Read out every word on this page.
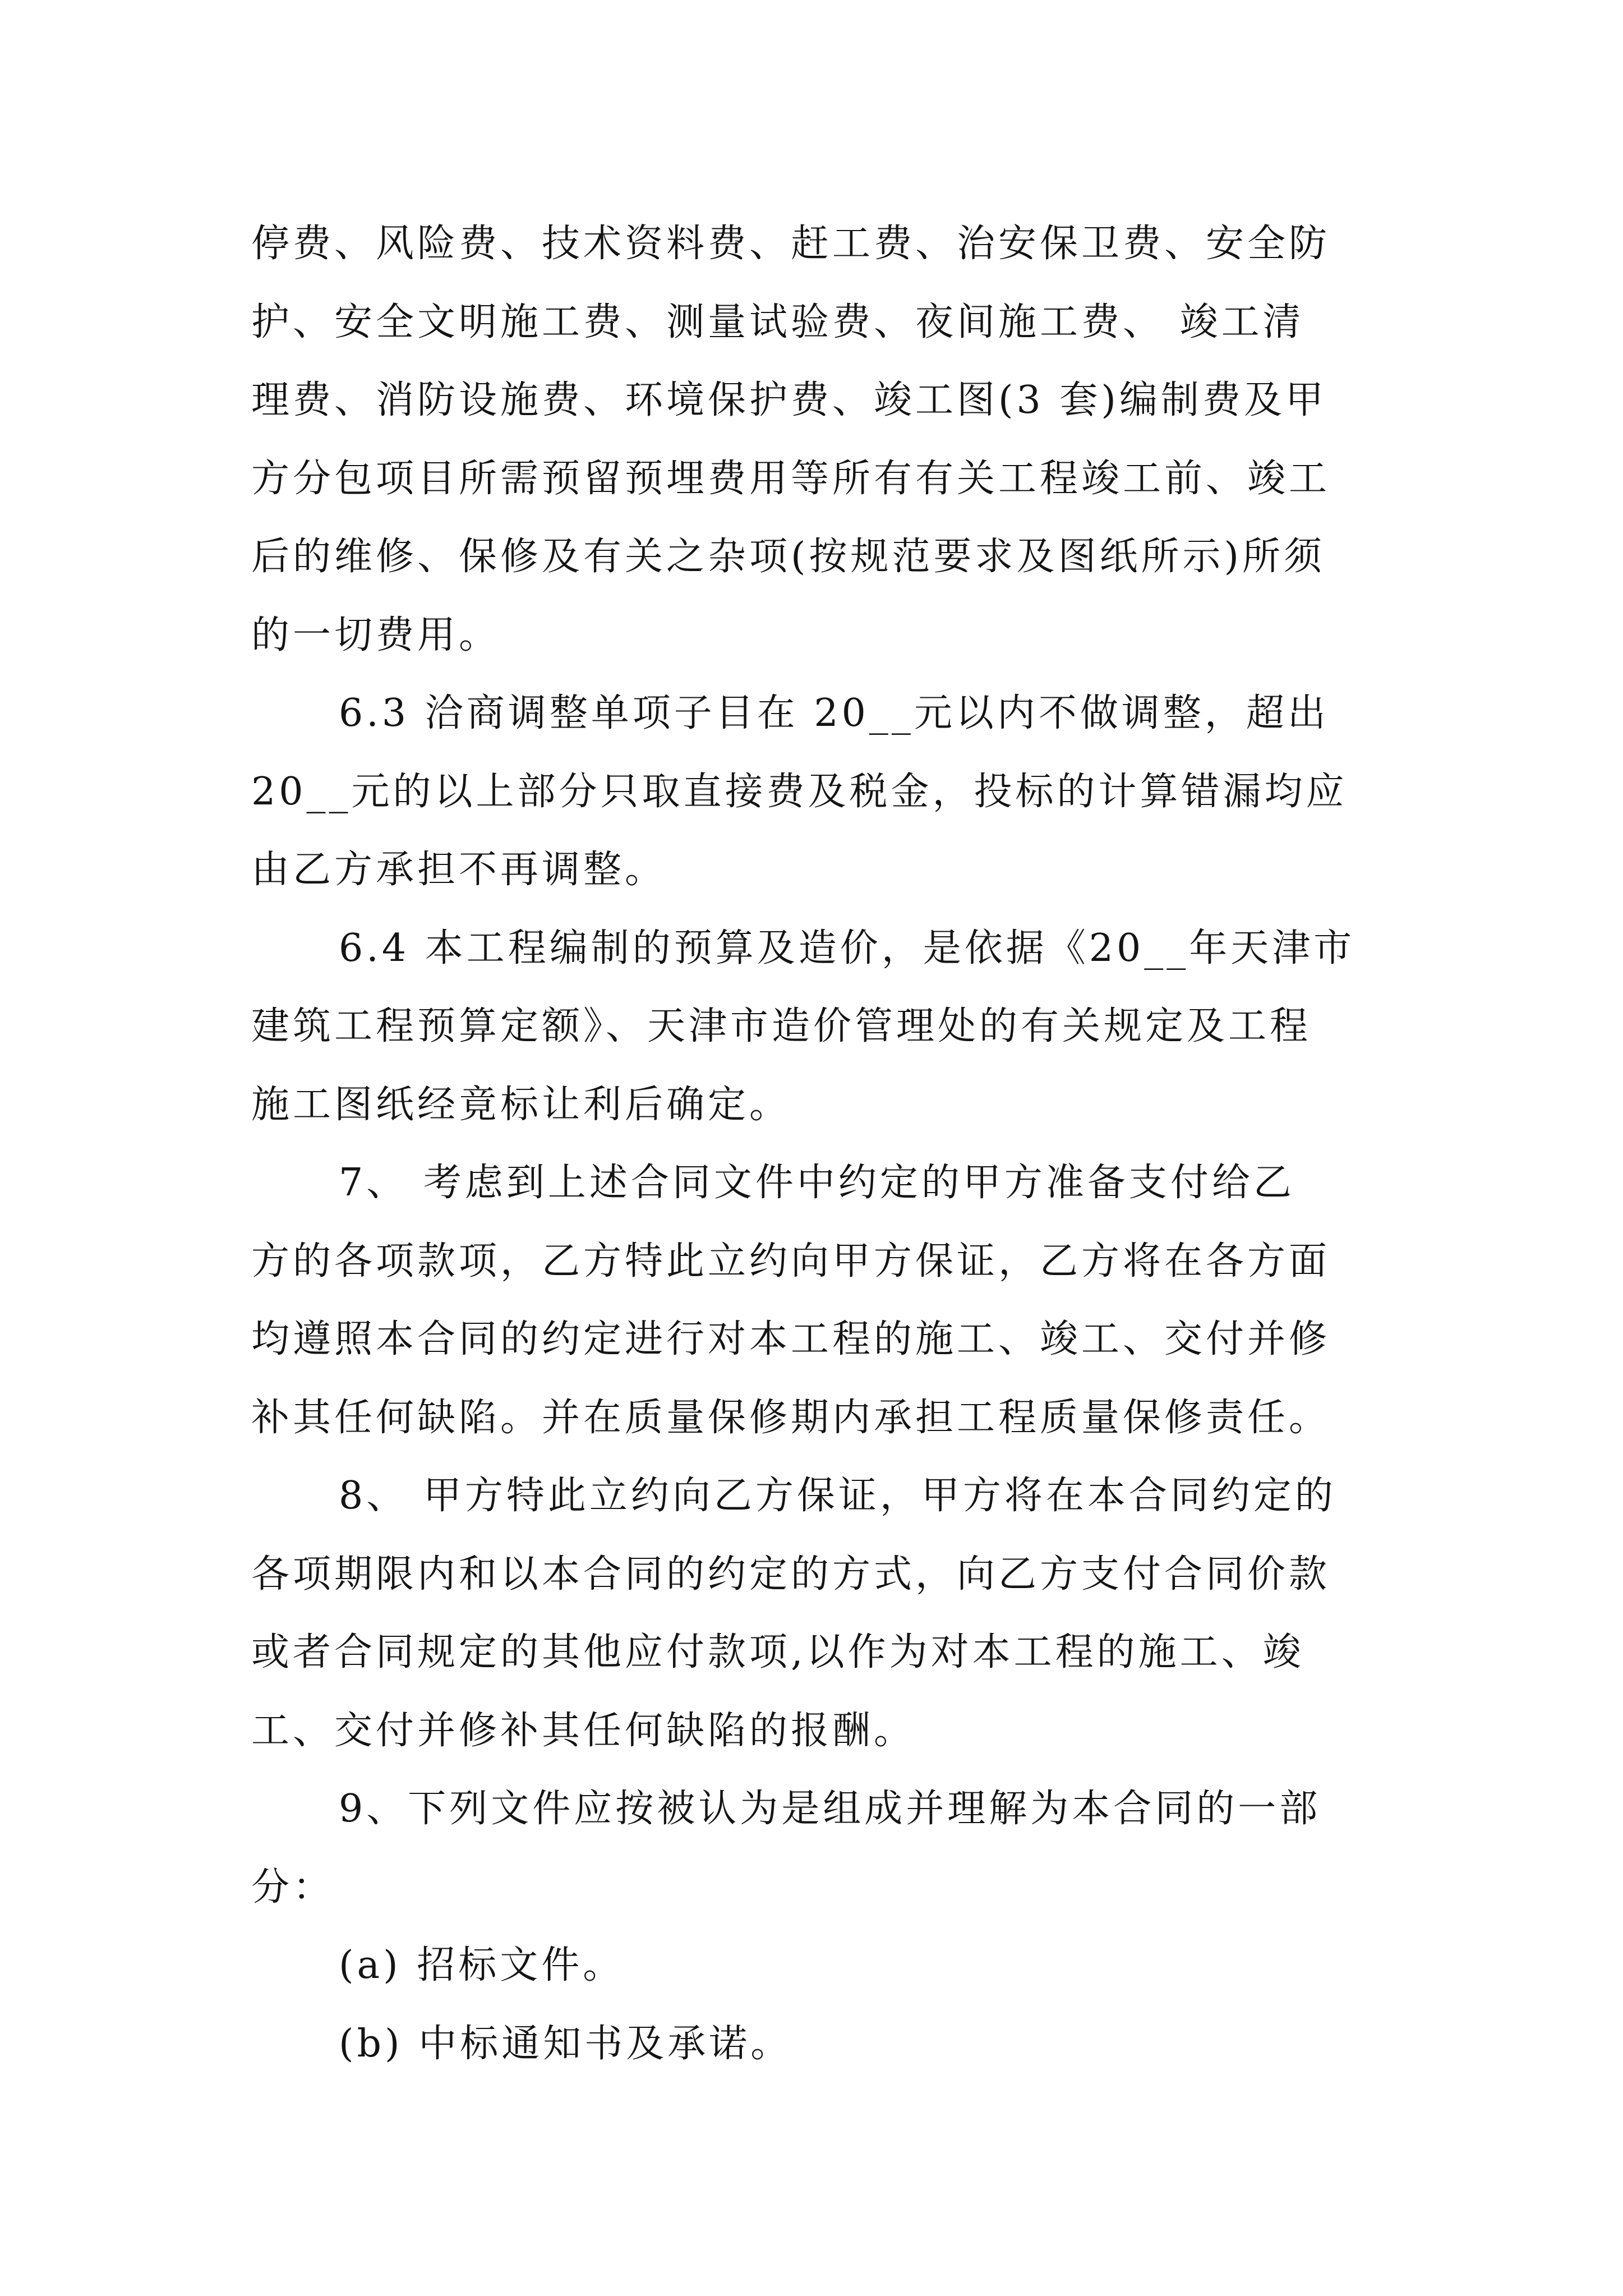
停费、风险费、技术资料费、赶工费、治安保卫费、安全防

护、安全文明施工费、测量试验费、夜间施工费、 竣工清

理费、消防设施费、环境保护费、竣工图(3 套)编制费及甲

方分包项目所需预留预埋费用等所有有关工程竣工前、竣工

后的维修、保修及有关之杂项(按规范要求及图纸所示)所须

的一切费用。

6.3 洽商调整单项子目在 20__元以内不做调整，超出

20__元的以上部分只取直接费及税金，投标的计算错漏均应

由乙方承担不再调整。

6.4 本工程编制的预算及造价，是依据《20__年天津市

建筑工程预算定额》、天津市造价管理处的有关规定及工程

施工图纸经竟标让利后确定。

7、 考虑到上述合同文件中约定的甲方准备支付给乙

方的各项款项，乙方特此立约向甲方保证，乙方将在各方面

均遵照本合同的约定进行对本工程的施工、竣工、交付并修

补其任何缺陷。并在质量保修期内承担工程质量保修责任。

8、 甲方特此立约向乙方保证，甲方将在本合同约定的

各项期限内和以本合同的约定的方式，向乙方支付合同价款

或者合同规定的其他应付款项,以作为对本工程的施工、竣

工、交付并修补其任何缺陷的报酬。

9、下列文件应按被认为是组成并理解为本合同的一部

分：

(a) 招标文件。

(b) 中标通知书及承诺。
